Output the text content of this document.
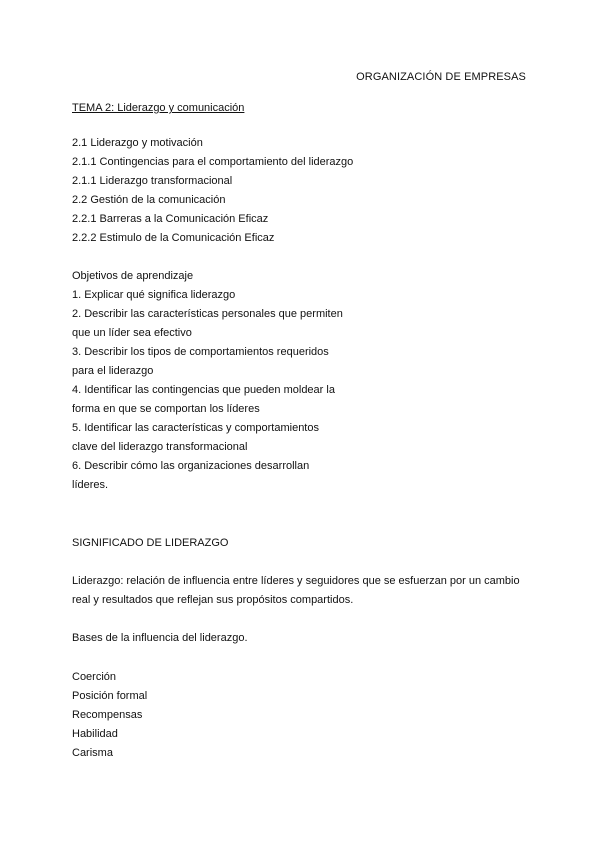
ORGANIZACIÓN DE EMPRESAS
TEMA 2: Liderazgo y comunicación
2.1 Liderazgo y motivación
2.1.1 Contingencias para el comportamiento del liderazgo
2.1.1 Liderazgo transformacional
2.2 Gestión de la comunicación
2.2.1 Barreras a la Comunicación Eficaz
2.2.2 Estimulo de la Comunicación Eficaz
Objetivos de aprendizaje
1. Explicar qué significa liderazgo
2. Describir las características personales que permiten
que un líder sea efectivo
3. Describir los tipos de comportamientos requeridos
para el liderazgo
4. Identificar las contingencias que pueden moldear la
forma en que se comportan los líderes
5. Identificar las características y comportamientos
clave del liderazgo transformacional
6. Describir cómo las organizaciones desarrollan
líderes.
SIGNIFICADO DE LIDERAZGO
Liderazgo: relación de influencia entre líderes y seguidores que se esfuerzan por un cambio
real y resultados que reflejan sus propósitos compartidos.
Bases de la influencia del liderazgo.
Coerción
Posición formal
Recompensas
Habilidad
Carisma
